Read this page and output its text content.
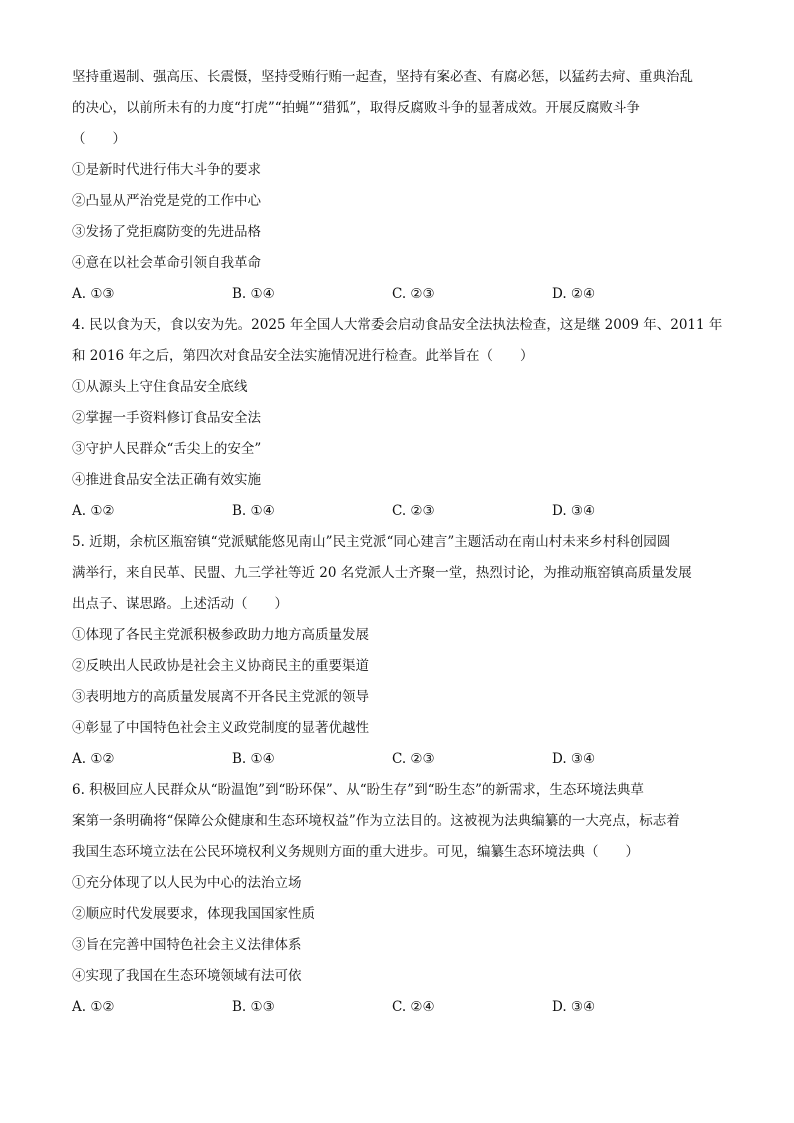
坚持重遏制、强高压、长震慑，坚持受贿行贿一起查，坚持有案必查、有腐必惩，以猛药去疴、重典治乱
的决心，以前所未有的力度“打虎”“拍蝇”“猎狐”，取得反腐败斗争的显著成效。开展反腐败斗争
（　　）
①是新时代进行伟大斗争的要求
②凸显从严治党是党的工作中心
③发扬了党拒腐防变的先进品格
④意在以社会革命引领自我革命
A. ①③	B. ①④	C. ②③	D. ②④
4. 民以食为天，食以安为先。2025 年全国人大常委会启动食品安全法执法检查，这是继 2009 年、2011 年
和 2016 年之后，第四次对食品安全法实施情况进行检查。此举旨在（　　）
①从源头上守住食品安全底线
②掌握一手资料修订食品安全法
③守护人民群众“舌尖上的安全”
④推进食品安全法正确有效实施
A. ①②	B. ①④	C. ②③	D. ③④
5. 近期，余杭区瓶窑镇“党派赋能悠见南山”民主党派“同心建言”主题活动在南山村未来乡村科创园圆
满举行，来自民革、民盟、九三学社等近 20 名党派人士齐聚一堂，热烈讨论，为推动瓶窑镇高质量发展
出点子、谋思路。上述活动（　　）
①体现了各民主党派积极参政助力地方高质量发展
②反映出人民政协是社会主义协商民主的重要渠道
③表明地方的高质量发展离不开各民主党派的领导
④彰显了中国特色社会主义政党制度的显著优越性
A. ①②	B. ①④	C. ②③	D. ③④
6. 积极回应人民群众从“盼温饱”到“盼环保”、从“盼生存”到“盼生态”的新需求，生态环境法典草
案第一条明确将“保障公众健康和生态环境权益”作为立法目的。这被视为法典编纂的一大亮点，标志着
我国生态环境立法在公民环境权利义务规则方面的重大进步。可见，编纂生态环境法典（　　）
①充分体现了以人民为中心的法治立场
②顺应时代发展要求，体现我国国家性质
③旨在完善中国特色社会主义法律体系
④实现了我国在生态环境领域有法可依
A. ①②	B. ①③	C. ②④	D. ③④
